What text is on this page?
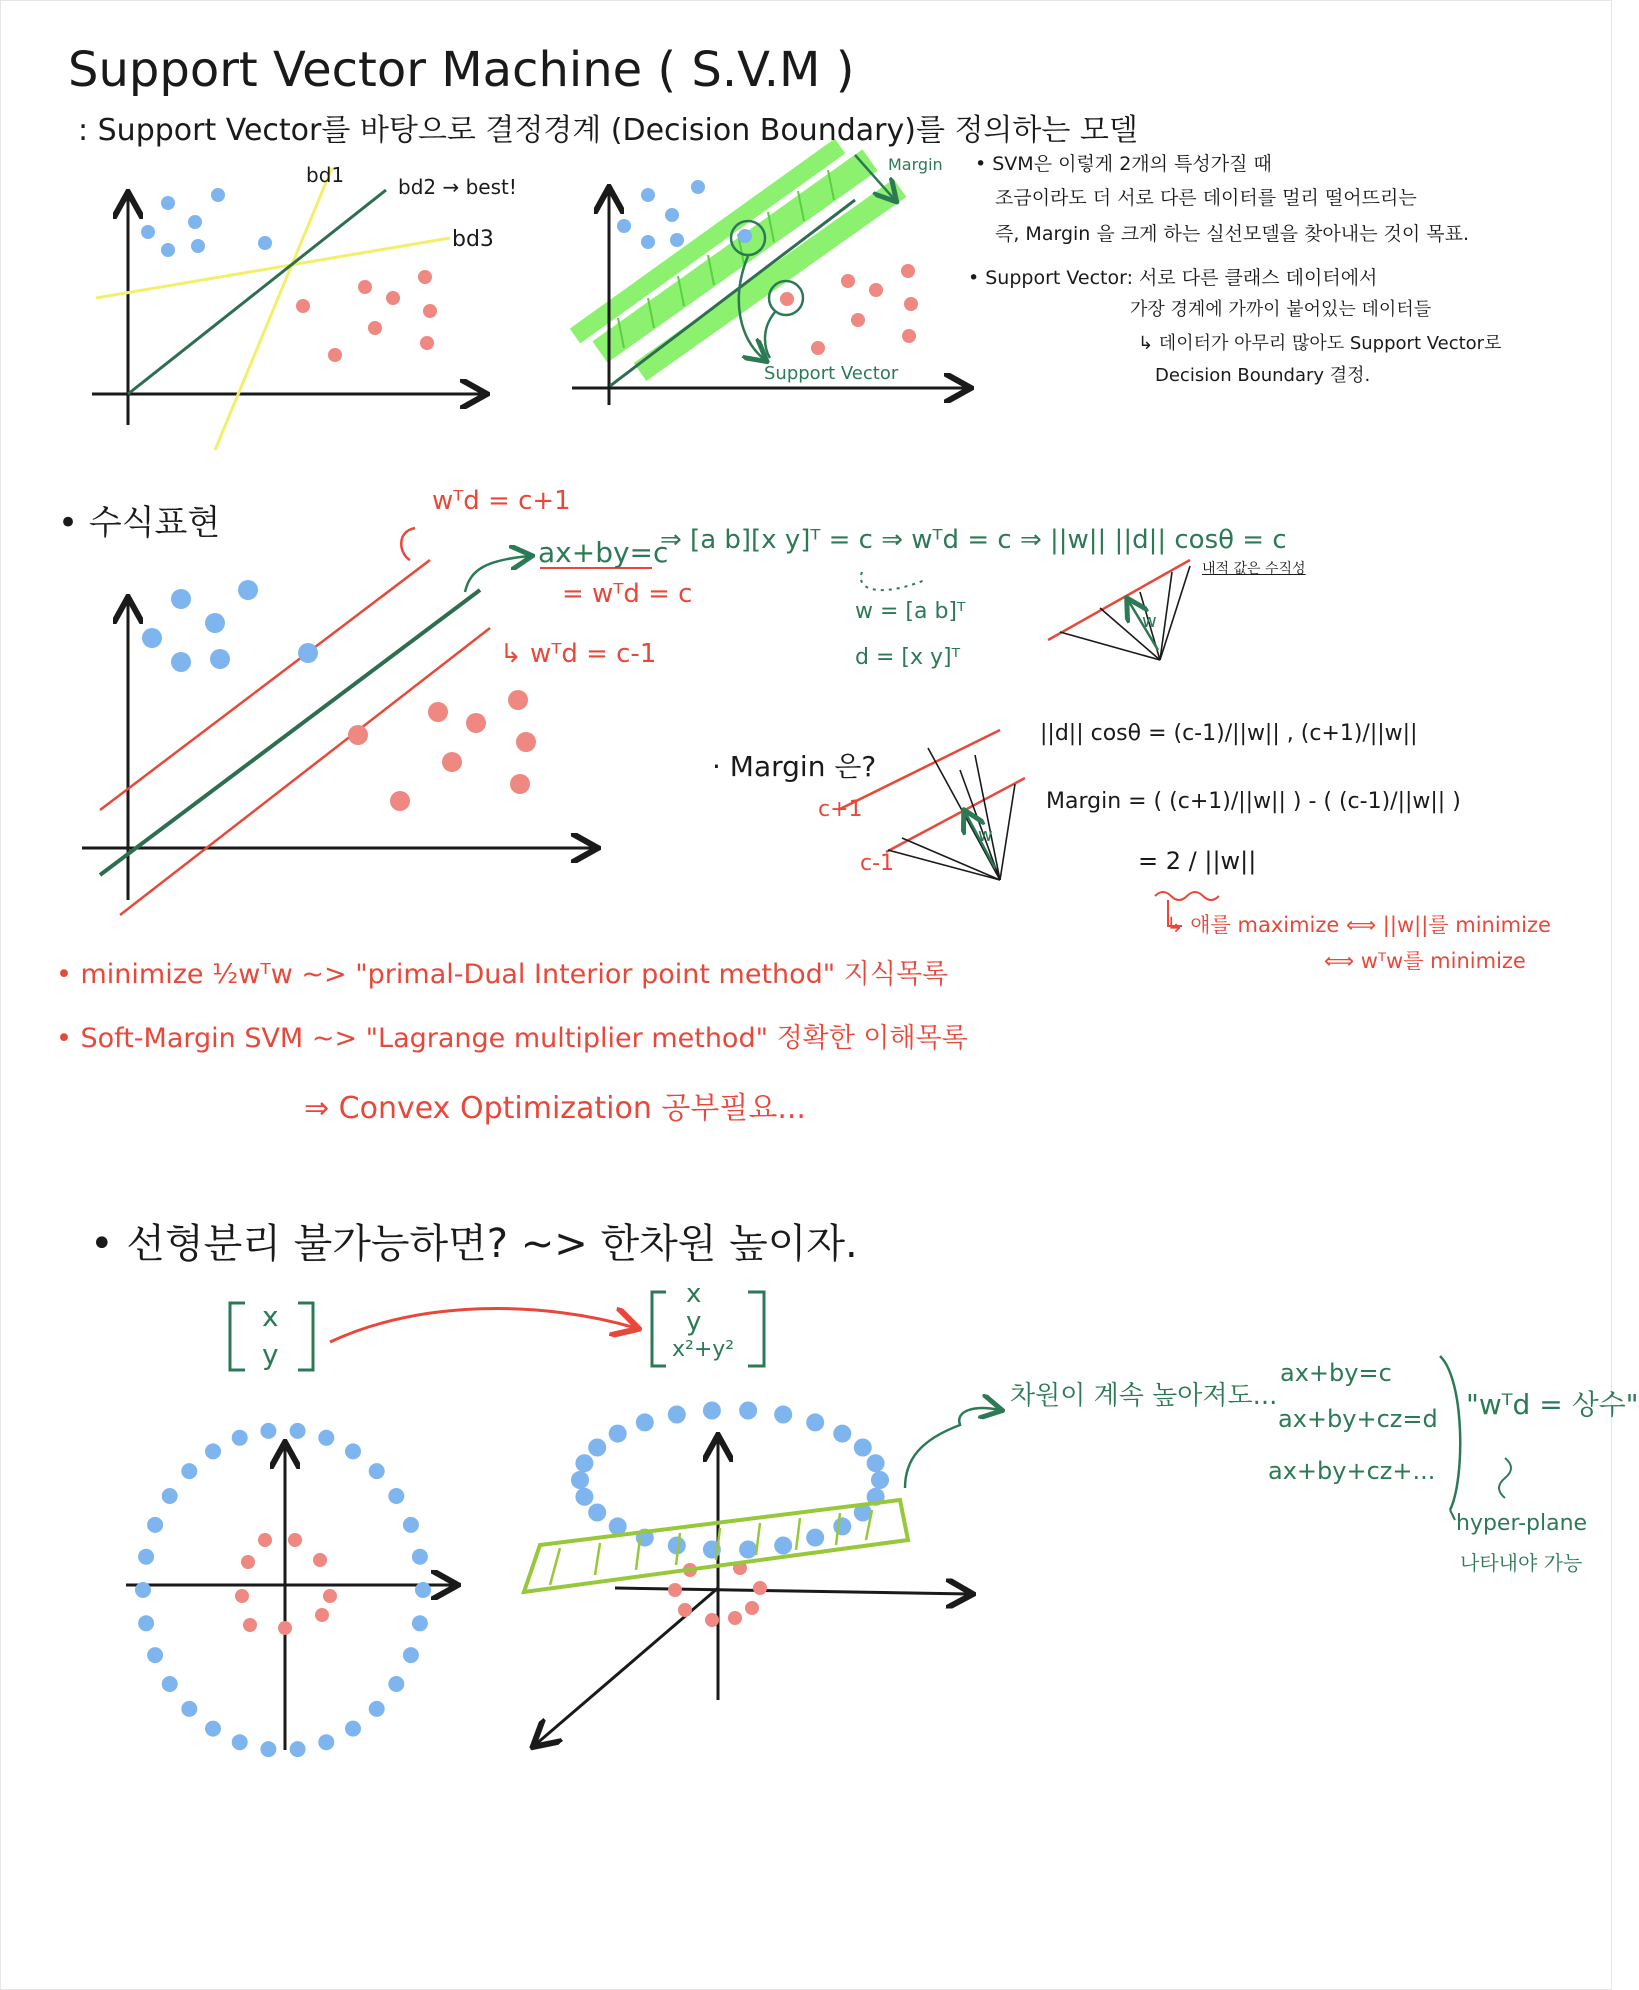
Support Vector Machine ( S.V.M )
: Support Vector를 바탕으로 결정경계 (Decision Boundary)를 정의하는 모델
bd1	bd2 → best!
bd3
Margin
Support Vector
• SVM은 이렇게 2개의 특성가질 때
조금이라도 더 서로 다른 데이터를 멀리 떨어뜨리는
즉, Margin 을 크게 하는 실선모델을 찾아내는 것이 목표.
• Support Vector: 서로 다른 클래스 데이터에서
가장 경계에 가까이 붙어있는 데이터들
↳ 데이터가 아무리 많아도 Support Vector로
Decision Boundary 결정.
• 수식표현
wᵀd = c+1
ax+by=c
= wᵀd = c
↳ wᵀd = c-1
⇒ [a b][x y]ᵀ = c ⇒ wᵀd = c ⇒ ||w|| ||d|| cosθ = c
w = [a b]ᵀ
d = [x y]ᵀ
내적 값은 수직성
w
· Margin 은?
c+1
c-1
w
||d|| cosθ = (c-1)/||w|| , (c+1)/||w||
Margin = ( (c+1)/||w|| ) - ( (c-1)/||w|| )
= 2 / ||w||
↳ 얘를 maximize ⟺ ||w||를 minimize
⟺ wᵀw를 minimize
• minimize ½wᵀw ~> "primal-Dual Interior point method" 지식목록
• Soft-Margin SVM ~> "Lagrange multiplier method" 정확한 이해목록
⇒ Convex Optimization 공부필요...
• 선형분리 불가능하면? ~> 한차원 높이자.
x
y
x
y
x²+y²
차원이 계속 높아져도...
ax+by=c
ax+by+cz=d
ax+by+cz+...
"wᵀd = 상수"
hyper-plane
나타내야 가능
